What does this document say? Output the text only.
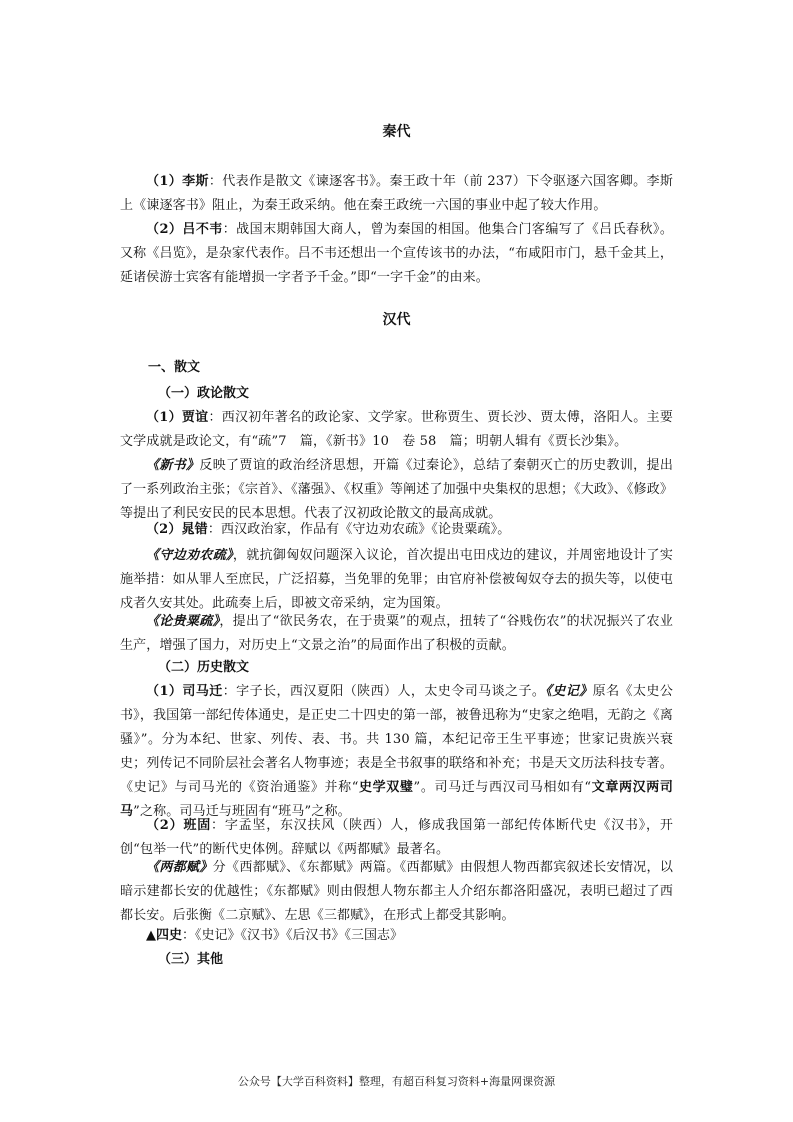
秦代

（1）李斯：代表作是散文《谏逐客书》。秦王政十年（前 237）下令驱逐六国客卿。李斯上《谏逐客书》阻止，为秦王政采纳。他在秦王政统一六国的事业中起了较大作用。

（2）吕不韦：战国末期韩国大商人，曾为秦国的相国。他集合门客编写了《吕氏春秋》。又称《吕览》，是杂家代表作。吕不韦还想出一个宣传该书的办法，“布咸阳市门，悬千金其上，延诸侯游士宾客有能增损一字者予千金。”即“一字千金”的由来。

汉代
一、散文
（一）政论散文

（1）贾谊：西汉初年著名的政论家、文学家。世称贾生、贾长沙、贾太傅，洛阳人。主要文学成就是政论文，有“疏”7　篇，《新书》10　卷 58　篇；明朝人辑有《贾长沙集》。

《新书》反映了贾谊的政治经济思想，开篇《过秦论》，总结了秦朝灭亡的历史教训，提出了一系列政治主张；《宗首》、《藩强》、《权重》等阐述了加强中央集权的思想；《大政》、《修政》等提出了利民安民的民本思想。代表了汉初政论散文的最高成就。

（2）晁错：西汉政治家，作品有《守边劝农疏》《论贵粟疏》。

《守边劝农疏》，就抗御匈奴问题深入议论，首次提出屯田戍边的建议，并周密地设计了实施举措：如从罪人至庶民，广泛招募，当免罪的免罪；由官府补偿被匈奴夺去的损失等，以使屯戍者久安其处。此疏奏上后，即被文帝采纳，定为国策。

《论贵粟疏》，提出了“欲民务农，在于贵粟”的观点，扭转了“谷贱伤农”的状况振兴了农业生产，增强了国力，对历史上“文景之治”的局面作出了积极的贡献。

（二）历史散文

（1）司马迁：字子长，西汉夏阳（陕西）人，太史令司马谈之子。《史记》原名《太史公书》，我国第一部纪传体通史，是正史二十四史的第一部，被鲁迅称为“史家之绝唱，无韵之《离骚》”。分为本纪、世家、列传、表、书。共 130 篇，本纪记帝王生平事迹；世家记贵族兴衰史；列传记不同阶层社会著名人物事迹；表是全书叙事的联络和补充；书是天文历法科技专著。《史记》与司马光的《资治通鉴》并称“史学双璧”。司马迁与西汉司马相如有“文章两汉两司马”之称。司马迁与班固有“班马”之称。

（2）班固：字孟坚，东汉扶风（陕西）人，修成我国第一部纪传体断代史《汉书》，开创“包举一代”的断代史体例。辞赋以《两都赋》最著名。

《两都赋》分《西都赋》、《东都赋》两篇。《西都赋》由假想人物西都宾叙述长安情况，以暗示建都长安的优越性；《东都赋》则由假想人物东都主人介绍东都洛阳盛况，表明已超过了西都长安。后张衡《二京赋》、左思《三都赋》，在形式上都受其影响。

▲四史：《史记》《汉书》《后汉书》《三国志》
（三）其他
公众号【大学百科资料】整理，有超百科复习资料+海量网课资源
